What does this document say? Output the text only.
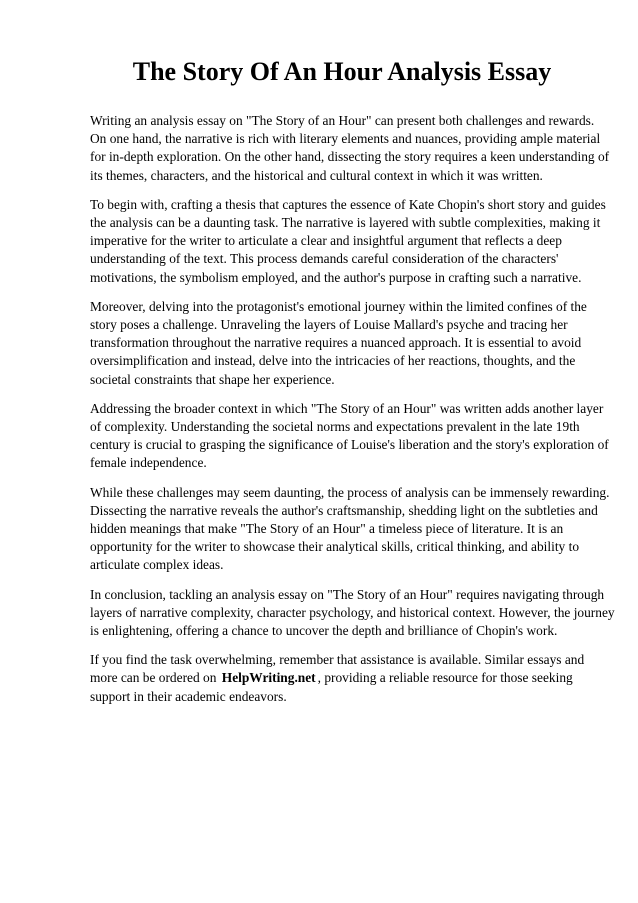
The Story Of An Hour Analysis Essay

Writing an analysis essay on "The Story of an Hour" can present both challenges and rewards.
On one hand, the narrative is rich with literary elements and nuances, providing ample material
for in-depth exploration. On the other hand, dissecting the story requires a keen understanding of
its themes, characters, and the historical and cultural context in which it was written.

To begin with, crafting a thesis that captures the essence of Kate Chopin's short story and guides
the analysis can be a daunting task. The narrative is layered with subtle complexities, making it
imperative for the writer to articulate a clear and insightful argument that reflects a deep
understanding of the text. This process demands careful consideration of the characters'
motivations, the symbolism employed, and the author's purpose in crafting such a narrative.

Moreover, delving into the protagonist's emotional journey within the limited confines of the
story poses a challenge. Unraveling the layers of Louise Mallard's psyche and tracing her
transformation throughout the narrative requires a nuanced approach. It is essential to avoid
oversimplification and instead, delve into the intricacies of her reactions, thoughts, and the
societal constraints that shape her experience.

Addressing the broader context in which "The Story of an Hour" was written adds another layer
of complexity. Understanding the societal norms and expectations prevalent in the late 19th
century is crucial to grasping the significance of Louise's liberation and the story's exploration of
female independence.

While these challenges may seem daunting, the process of analysis can be immensely rewarding.
Dissecting the narrative reveals the author's craftsmanship, shedding light on the subtleties and
hidden meanings that make "The Story of an Hour" a timeless piece of literature. It is an
opportunity for the writer to showcase their analytical skills, critical thinking, and ability to
articulate complex ideas.

In conclusion, tackling an analysis essay on "The Story of an Hour" requires navigating through
layers of narrative complexity, character psychology, and historical context. However, the journey
is enlightening, offering a chance to uncover the depth and brilliance of Chopin's work.

If you find the task overwhelming, remember that assistance is available. Similar essays and
more can be ordered on HelpWriting.net , providing a reliable resource for those seeking
support in their academic endeavors.
